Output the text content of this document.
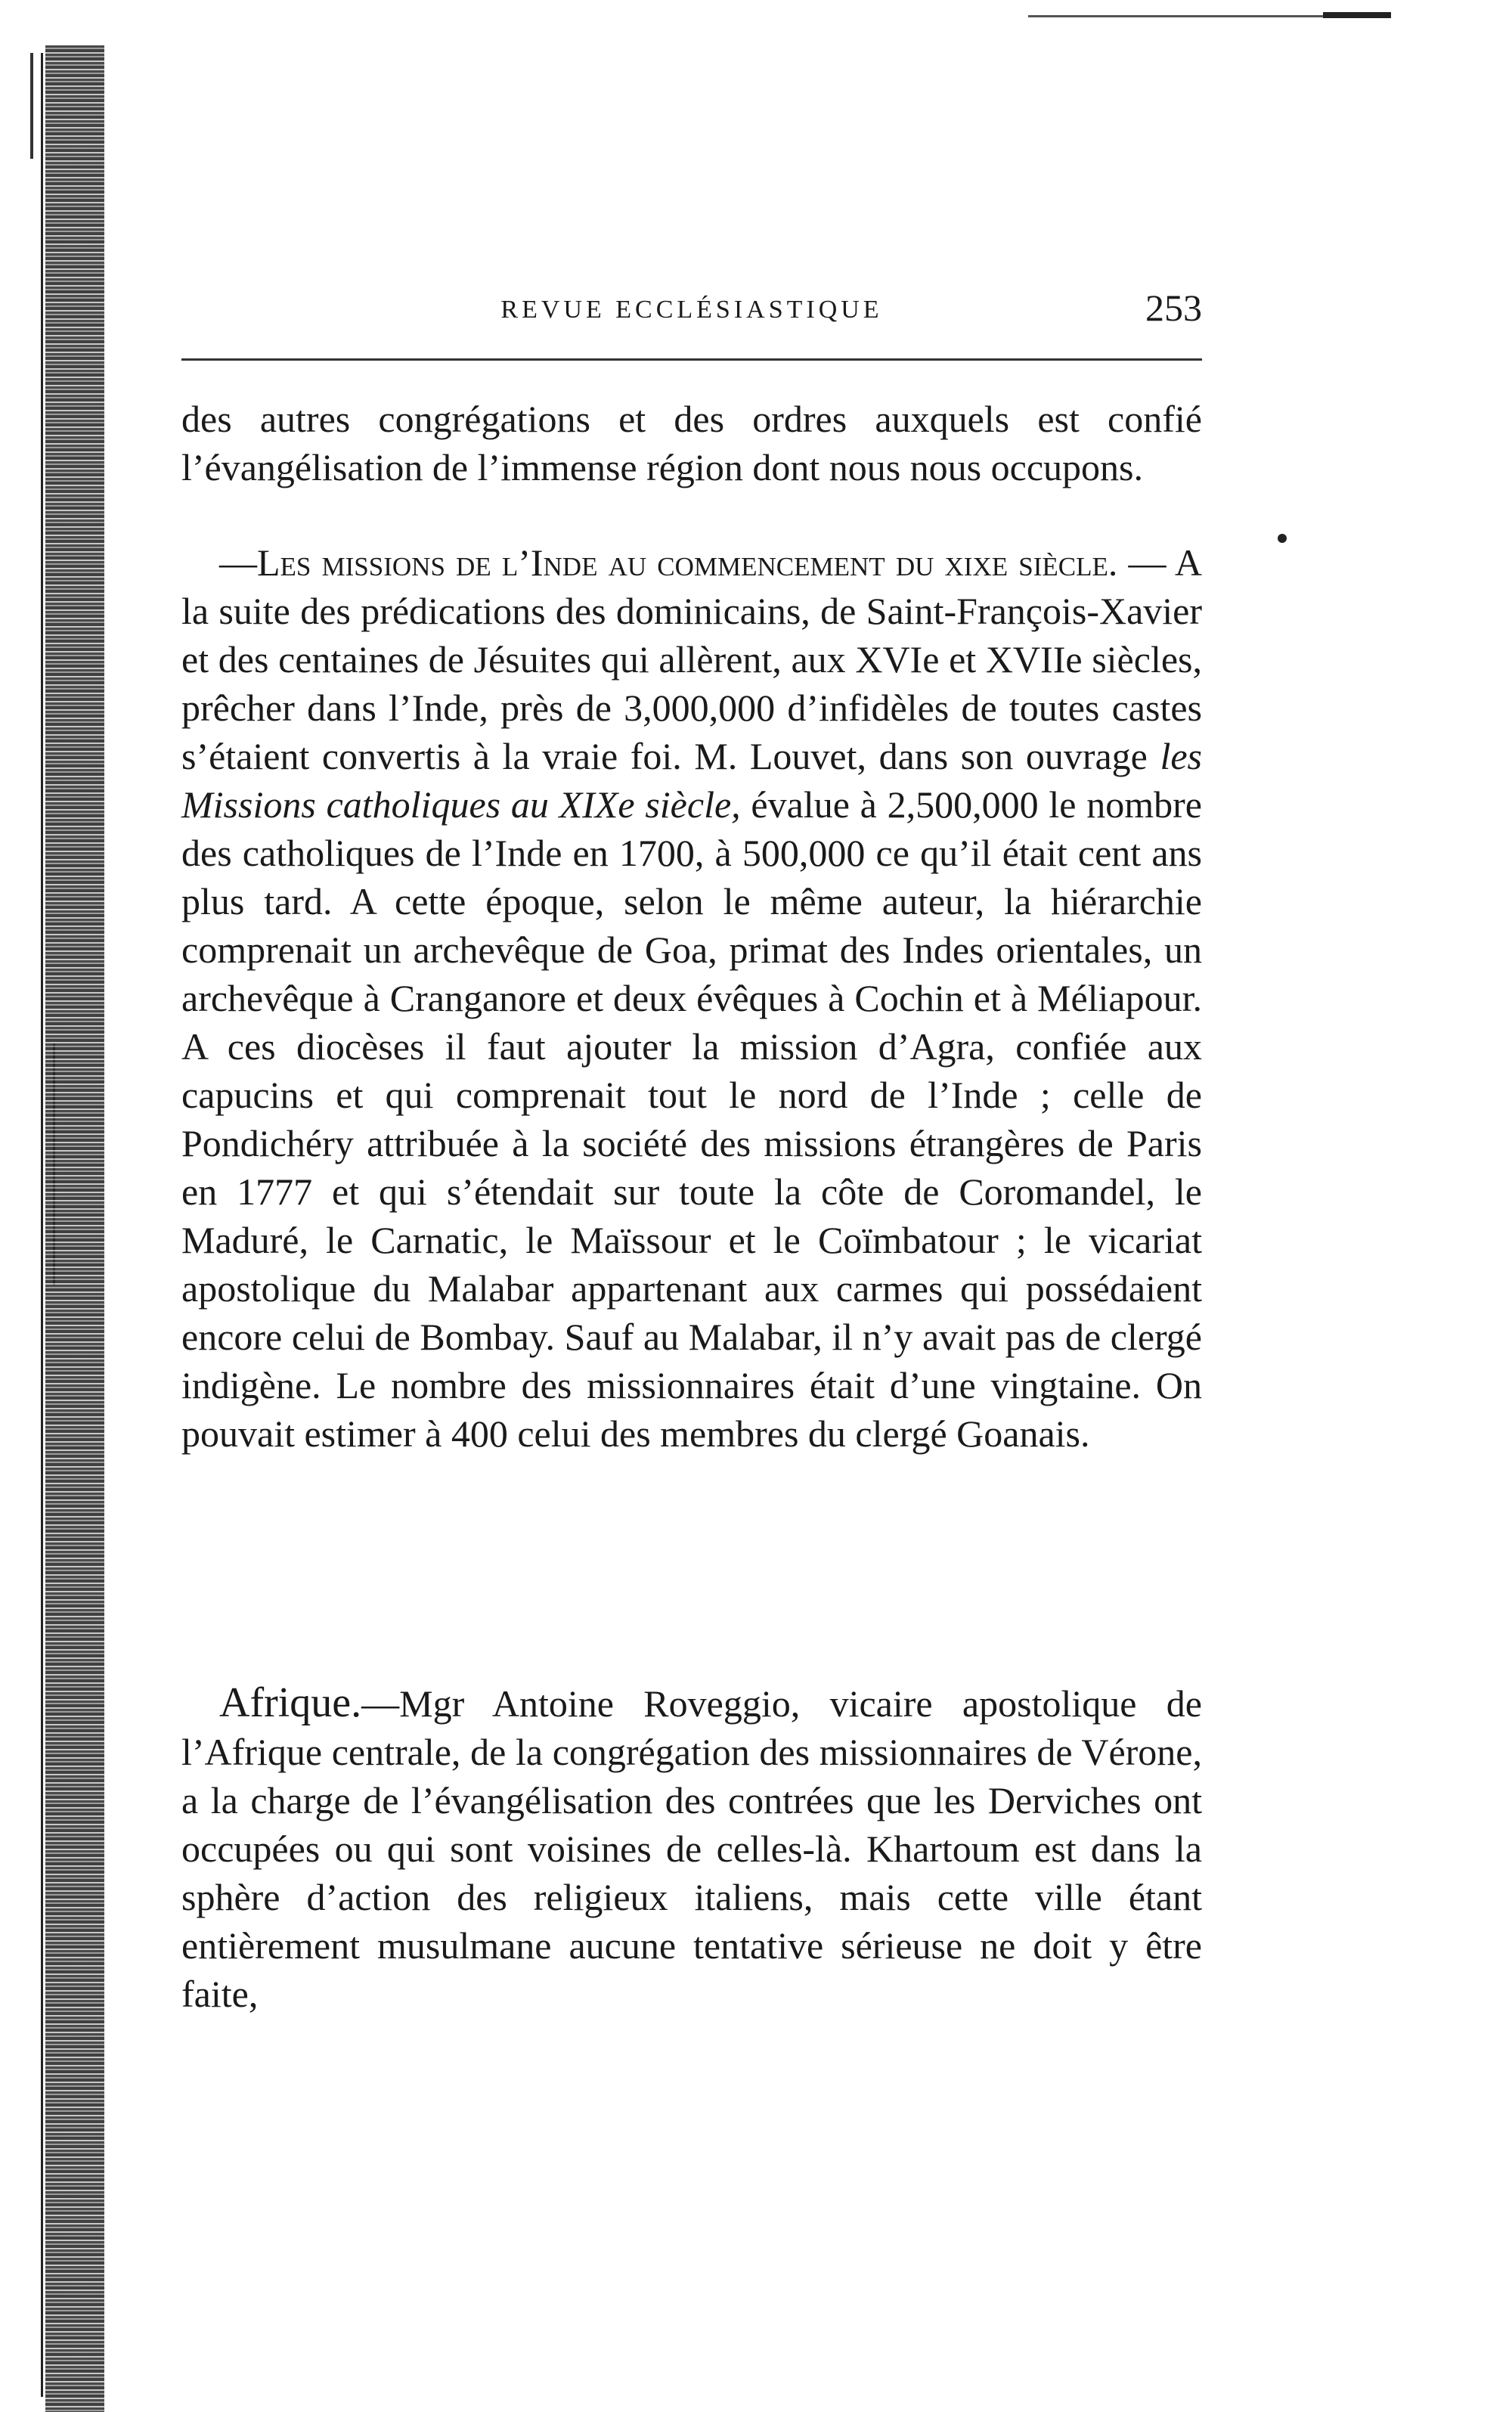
REVUE ECCLÉSIASTIQUE	253

des autres congrégations et des ordres auxquels est confié l’évangélisation de l’immense région dont nous nous occupons.

—Les missions de l’Inde au commencement du xixe siècle. — A la suite des prédications des dominicains, de Saint-François-Xavier et des centaines de Jésuites qui allèrent, aux XVIe et XVIIe siècles, prêcher dans l’Inde, près de 3,000,000 d’infidèles de toutes castes s’étaient convertis à la vraie foi. M. Louvet, dans son ouvrage les Missions catholiques au XIXe siècle, évalue à 2,500,000 le nombre des catholiques de l’Inde en 1700, à 500,000 ce qu’il était cent ans plus tard. A cette époque, selon le même auteur, la hiérarchie comprenait un archevêque de Goa, primat des Indes orientales, un archevêque à Cranganore et deux évêques à Cochin et à Méliapour. A ces diocèses il faut ajouter la mission d’Agra, confiée aux capucins et qui comprenait tout le nord de l’Inde ; celle de Pondichéry attribuée à la société des missions étrangères de Paris en 1777 et qui s’étendait sur toute la côte de Coromandel, le Maduré, le Carnatic, le Maïssour et le Coïmbatour ; le vicariat apostolique du Malabar appartenant aux carmes qui possédaient encore celui de Bombay. Sauf au Malabar, il n’y avait pas de clergé indigène. Le nombre des missionnaires était d’une vingtaine. On pouvait estimer à 400 celui des membres du clergé Goanais.

Afrique.—Mgr Antoine Roveggio, vicaire apostolique de l’Afrique centrale, de la congrégation des missionnaires de Vérone, a la charge de l’évangélisation des contrées que les Derviches ont occupées ou qui sont voisines de celles-là. Khartoum est dans la sphère d’action des religieux italiens, mais cette ville étant entièrement musulmane aucune tentative sérieuse ne doit y être faite,
